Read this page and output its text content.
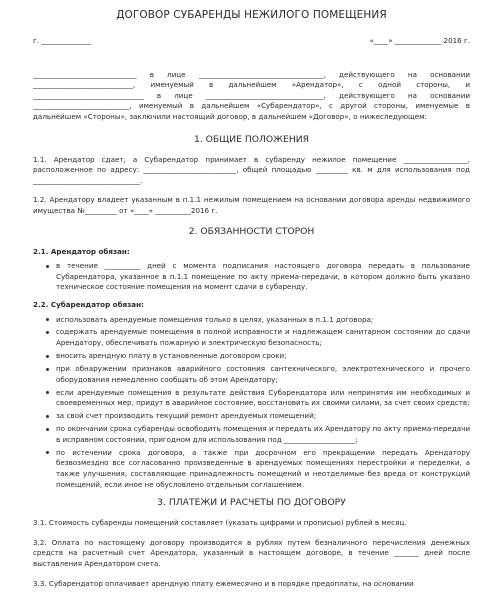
ДОГОВОР СУБАРЕНДЫ НЕЖИЛОГО ПОМЕЩЕНИЯ
г. ______________	«____» _____________ 2016 г.

_____________________________ в лице ___________________________________, действующего на основании ____________________________, именуемый в дальнейшем «Арендатор», с одной стороны, и _______________________________ в лице _________________________________, действующего на основании ___________________________, именуемый в дальнейшем «Субарендатор», с другой стороны, именуемые в дальнейшем «Стороны», заключили настоящий договор, в дальнейшем «Договор», о нижеследующем:

1. ОБЩИЕ ПОЛОЖЕНИЯ

1.1. Арендатор сдает, а Субарендатор принимает в субаренду нежилое помещение __________________, расположенное по адресу: __________________________, общей площадью _________ кв. м для использования под ______________________________.

1.2. Арендатору владеет указанным в п.1.1 нежилым помещением на основании договора аренды недвижимого имущества №_________ от «____» __________2016 г.

2. ОБЯЗАННОСТИ СТОРОН
2.1. Арендатор обязан:
в течение __________ дней с момента подписания настоящего договора передать в пользование Субарендатора, указанное в п.1.1 помещение по акту приема-передачи, в котором должно быть указано техническое состояние помещения на момент сдачи в субаренду.
2.2. Субарендатор обязан:
использовать арендуемые помещения только в целях, указанных в п.1.1 договора;
содержать арендуемые помещения в полной исправности и надлежащем санитарном состоянии до сдачи Арендатору, обеспечивать пожарную и электрическую безопасность;
вносить арендную плату в установленные договором сроки;
при обнаружении признаков аварийного состояния сантехнического, электротехнического и прочего оборудования немедленно сообщать об этом Арендатору;
если арендуемые помещения в результате действия Субарендатора или непринятия им необходимых и своевременных мер, придут в аварийное состояние, восстановить их своими силами, за счет своих средств;
за свой счет производить текущий ремонт арендуемых помещений;
по окончании срока субаренды освободить помещения и передать их Арендатору по акту приема-передачи в исправном состоянии, пригодном для использования под ____________________;
по истечении срока договора, а также при досрочном его прекращении передать Арендатору безвозмездно все согласованно произведенные в арендуемых помещениях перестройки и переделки, а также улучшения, составляющие принадлежность помещений и неотделимые без вреда от конструкций помещений, если иное не обусловлено отдельным соглашением.
3. ПЛАТЕЖИ И РАСЧЕТЫ ПО ДОГОВОРУ

3.1. Стоимость субаренды помещений составляет (указать цифрами и прописью) рублей в месяц.

3.2. Оплата по настоящему договору производится в рублях путем безналичного перечисления денежных средств на расчетный счет Арендатора, указанный в настоящем договоре, в течение _______ дней после выставления Арендатором счета.

3.3. Субарендатор оплачивает арендную плату ежемесячно и в порядке предоплаты, на основании
